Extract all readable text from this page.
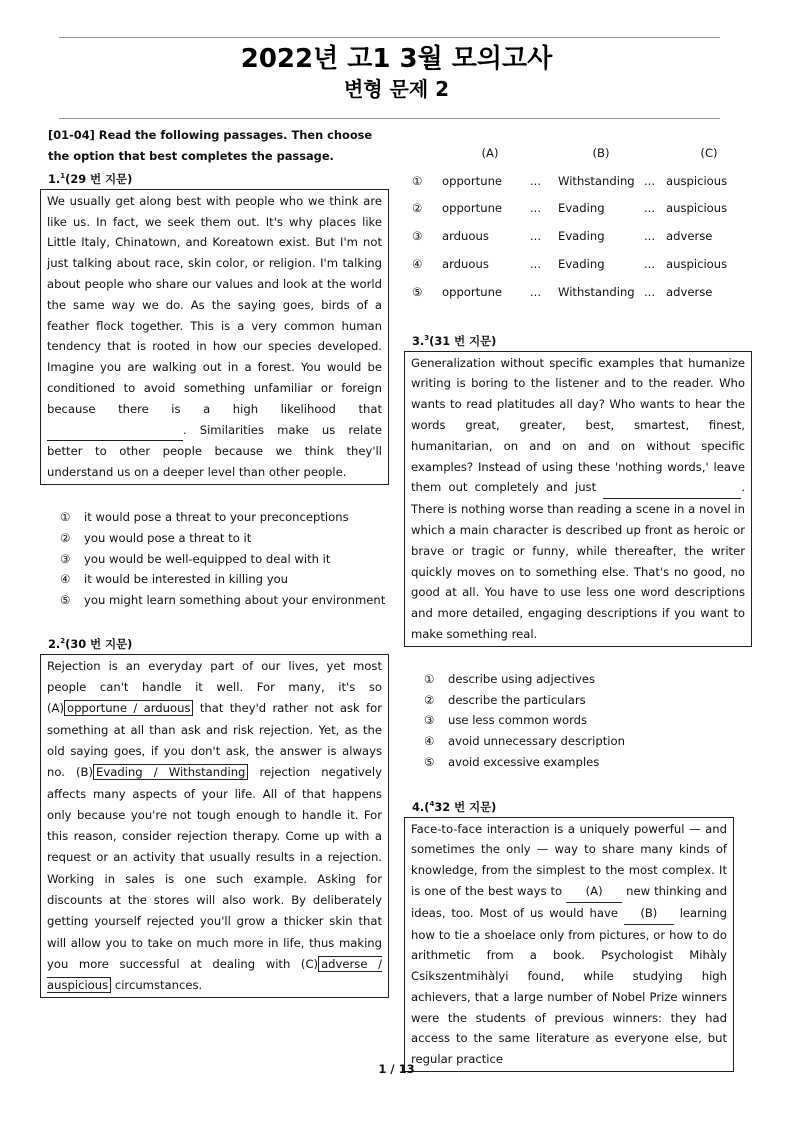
2022년 고1 3월 모의고사
변형 문제 2
[01-04] Read the following passages. Then choose the option that best completes the passage.
1.$^1$(29 번 지문)
We usually get along best with people who we think are like us. In fact, we seek them out. It's why places like Little Italy, Chinatown, and Koreatown exist. But I'm not just talking about race, skin color, or religion. I'm talking about people who share our values and look at the world the same way we do. As the saying goes, birds of a feather flock together. This is a very common human tendency that is rooted in how our species developed. Imagine you are walking out in a forest. You would be conditioned to avoid something unfamiliar or foreign because there is a high likelihood that  . Similarities make us relate better to other people because we think they'll understand us on a deeper level than other people.
①	it would pose a threat to your preconceptions
②	you would pose a threat to it
③	you would be well-equipped to deal with it
④	it would be interested in killing you
⑤	you might learn something about your environment
2.$^2$(30 번 지문)
Rejection is an everyday part of our lives, yet most people can't handle it well. For many, it's so (A) opportune / arduous that they'd rather not ask for something at all than ask and risk rejection. Yet, as the old saying goes, if you don't ask, the answer is always no. (B) Evading / Withstanding rejection negatively affects many aspects of your life. All of that happens only because you're not tough enough to handle it. For this reason, consider rejection therapy. Come up with a request or an activity that usually results in a rejection. Working in sales is one such example. Asking for discounts at the stores will also work. By deliberately getting yourself rejected you'll grow a thicker skin that will allow you to take on much more in life, thus making you more successful at dealing with (C) adverse / auspicious circumstances.
	(A)		(B)		(C)
①	opportune	...	Withstanding	...	auspicious
②	opportune	...	Evading	...	auspicious
③	arduous	...	Evading	...	adverse
④	arduous	...	Evading	...	auspicious
⑤	opportune	...	Withstanding	...	adverse
3.$^3$(31 번 지문)
Generalization without specific examples that humanize writing is boring to the listener and to the reader. Who wants to read platitudes all day? Who wants to hear the words great, greater, best, smartest, finest, humanitarian, on and on and on without specific examples? Instead of using these 'nothing words,' leave them out completely and just	. There is nothing worse than reading a scene in a novel in which a main character is described up front as heroic or brave or tragic or funny, while thereafter, the writer quickly moves on to something else. That's no good, no good at all. You have to use less one word descriptions and more detailed, engaging descriptions if you want to make something real.
①	describe using adjectives
②	describe the particulars
③	use less common words
④	avoid unnecessary description
⑤	avoid excessive examples
4.($^4$32 번 지문)
Face-to-face interaction is a uniquely powerful — and sometimes the only — way to share many kinds of knowledge, from the simplest to the most complex. It is one of the best ways to (A) new thinking and ideas, too. Most of us would have (B) learning how to tie a shoelace only from pictures, or how to do arithmetic from a book. Psychologist Mihàly Csikszentmihàlyi found, while studying high achievers, that a large number of Nobel Prize winners were the students of previous winners: they had access to the same literature as everyone else, but regular practice
1 / 13
